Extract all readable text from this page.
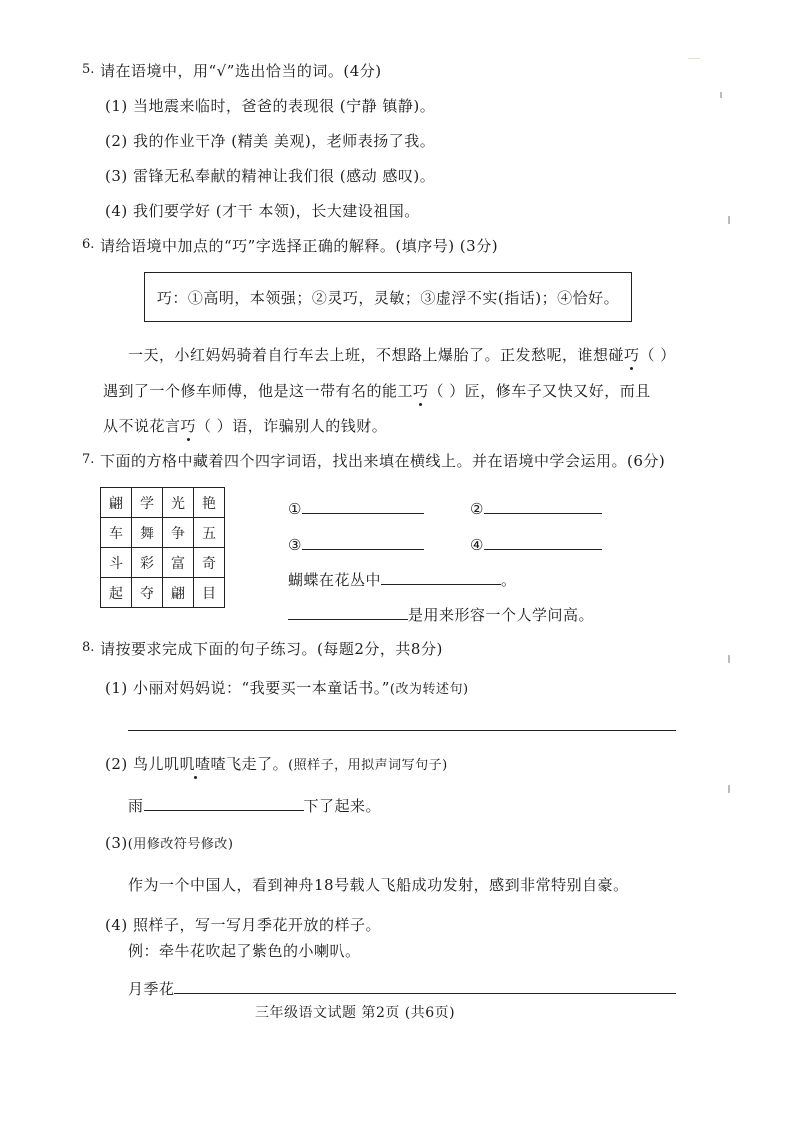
5. 请在语境中，用“√”选出恰当的词。(4分)
(1) 当地震来临时，爸爸的表现很 (宁静 镇静)。
(2) 我的作业干净 (精美 美观)，老师表扬了我。
(3) 雷锋无私奉献的精神让我们很 (感动 感叹)。
(4) 我们要学好 (才干 本领)，长大建设祖国。
6. 请给语境中加点的“巧”字选择正确的解释。(填序号) (3分)
巧：①高明，本领强；②灵巧，灵敏；③虚浮不实(指话)；④恰好。
一天，小红妈妈骑着自行车去上班，不想路上爆胎了。正发愁呢，谁想碰巧（ ）
遇到了一个修车师傅，他是这一带有名的能工巧（ ）匠，修车子又快又好，而且
从不说花言巧（ ）语，诈骗别人的钱财。
7. 下面的方格中藏着四个四字词语，找出来填在横线上。并在语境中学会运用。(6分)
翩	学	光	艳
车	舞	争	五
斗	彩	富	奇
起	夺	翩	目
①	②
③	④
蝴蝶在花丛中	。
是用来形容一个人学问高。
8. 请按要求完成下面的句子练习。(每题2分，共8分)
(1) 小丽对妈妈说：“我要买一本童话书。”(改为转述句)
(2) 鸟儿叽叽喳喳飞走了。(照样子，用拟声词写句子)
雨	下了起来。
(3)(用修改符号修改)
作为一个中国人，看到神舟18号载人飞船成功发射，感到非常特别自豪。
(4) 照样子，写一写月季花开放的样子。
例：牵牛花吹起了紫色的小喇叭。
月季花
三年级语文试题 第2页 (共6页)
